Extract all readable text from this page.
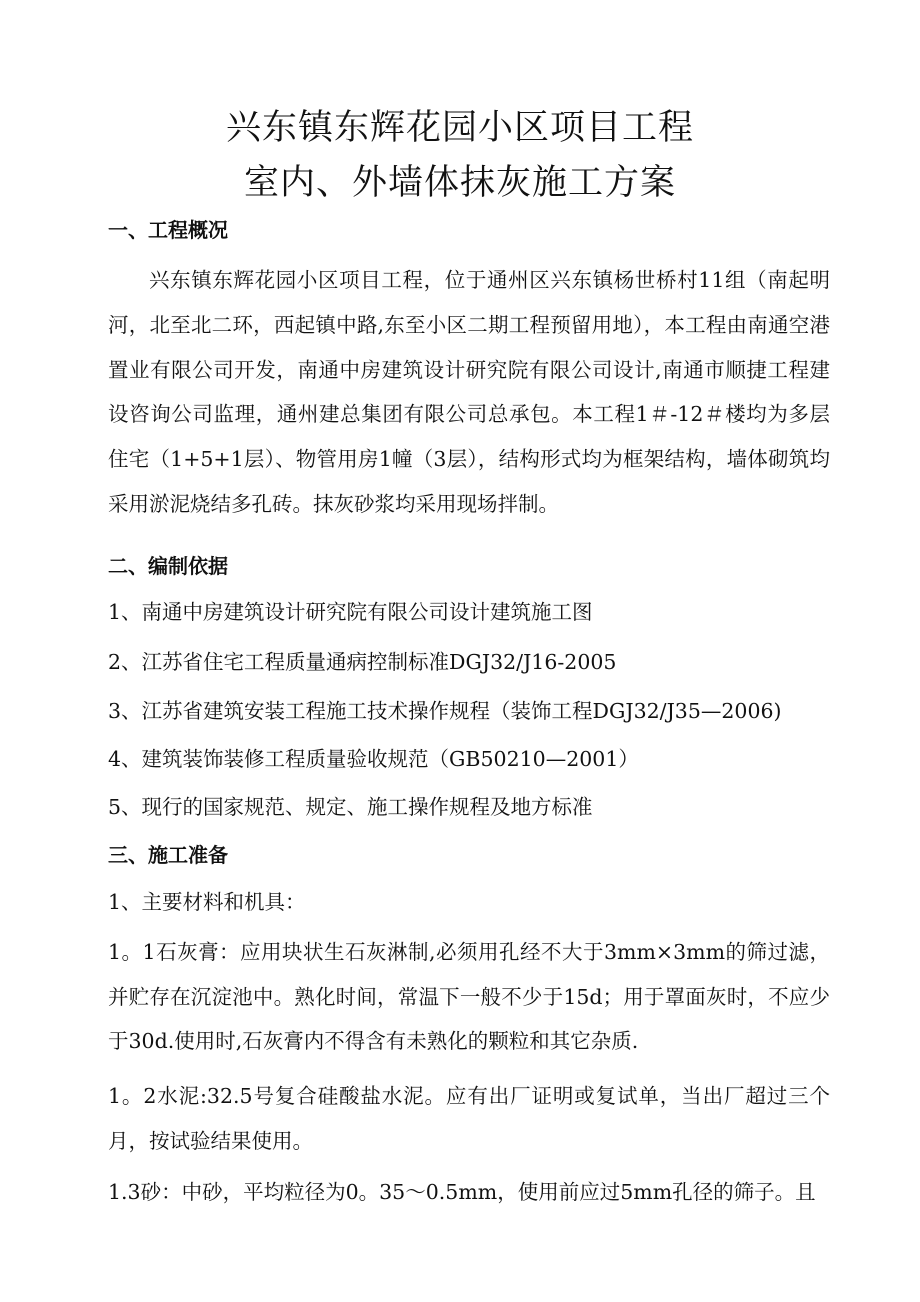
兴东镇东辉花园小区项目工程
室内、外墙体抹灰施工方案
一、工程概况
兴东镇东辉花园小区项目工程，位于通州区兴东镇杨世桥村11组（南起明河，北至北二环，西起镇中路,东至小区二期工程预留用地），本工程由南通空港置业有限公司开发，南通中房建筑设计研究院有限公司设计,南通市顺捷工程建设咨询公司监理，通州建总集团有限公司总承包。本工程1＃-12＃楼均为多层住宅（1+5+1层）、物管用房1幢（3层），结构形式均为框架结构，墙体砌筑均采用淤泥烧结多孔砖。抹灰砂浆均采用现场拌制。
二、编制依据
1、南通中房建筑设计研究院有限公司设计建筑施工图
2、江苏省住宅工程质量通病控制标准DGJ32/J16-2005
3、江苏省建筑安装工程施工技术操作规程（装饰工程DGJ32/J35—2006)
4、建筑装饰装修工程质量验收规范（GB50210—2001）
5、现行的国家规范、规定、施工操作规程及地方标准
三、施工准备
1、主要材料和机具：
1。1石灰膏：应用块状生石灰淋制,必须用孔经不大于3mm×3mm的筛过滤，并贮存在沉淀池中。熟化时间，常温下一般不少于15d；用于罩面灰时，不应少于30d.使用时,石灰膏内不得含有未熟化的颗粒和其它杂质.
1。2水泥:32.5号复合硅酸盐水泥。应有出厂证明或复试单，当出厂超过三个月，按试验结果使用。
1.3砂：中砂，平均粒径为0。35～0.5mm，使用前应过5mm孔径的筛子。且
